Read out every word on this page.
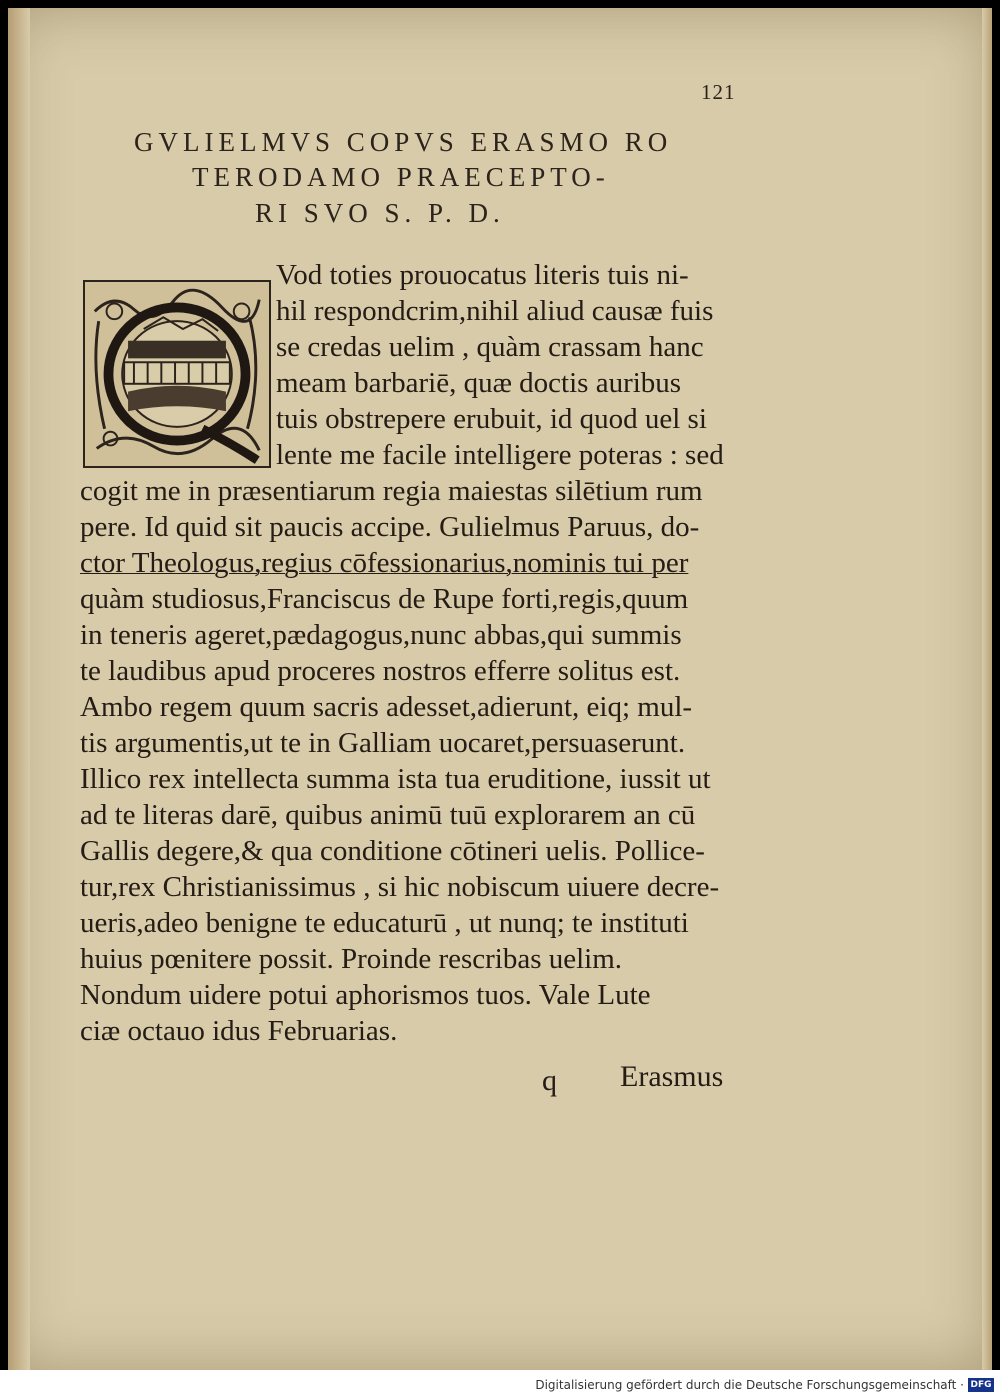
121
GVLIELMVS COPVS ERASMO RO
TERODAMO PRAECEPTO-
RI SVO S. P. D.
Vod toties prouocatus literis tuis ni-
hil respondcrim,nihil aliud causæ fuis
se credas uelim , quàm crassam hanc
meam barbariē, quæ doctis auribus
tuis obstrepere erubuit, id quod uel si
lente me facile intelligere poteras : sed
cogit me in præsentiarum regia maiestas silētium rum
pere. Id quid sit paucis accipe. Gulielmus Paruus, do-
ctor Theologus,regius cōfessionarius,nominis tui per
quàm studiosus,Franciscus de Rupe forti,regis,quum
in teneris ageret,pædagogus,nunc abbas,qui summis
te laudibus apud proceres nostros efferre solitus est.
Ambo regem quum sacris adesset,adierunt, eiq; mul-
tis argumentis,ut te in Galliam uocaret,persuaserunt.
Illico rex intellecta summa ista tua eruditione, iussit ut
ad te literas darē, quibus animū tuū explorarem an cū
Gallis degere,& qua conditione cōtineri uelis. Pollice-
tur,rex Christianissimus , si hic nobiscum uiuere decre-
ueris,adeo benigne te educaturū , ut nunq; te instituti
huius pœnitere possit. Proinde rescribas uelim.
Nondum uidere potui aphorismos tuos. Vale Lute
ciæ octauo idus Februarias.
q Erasmus
Digitalisierung gefördert durch die Deutsche Forschungsgemeinschaft · DFG
